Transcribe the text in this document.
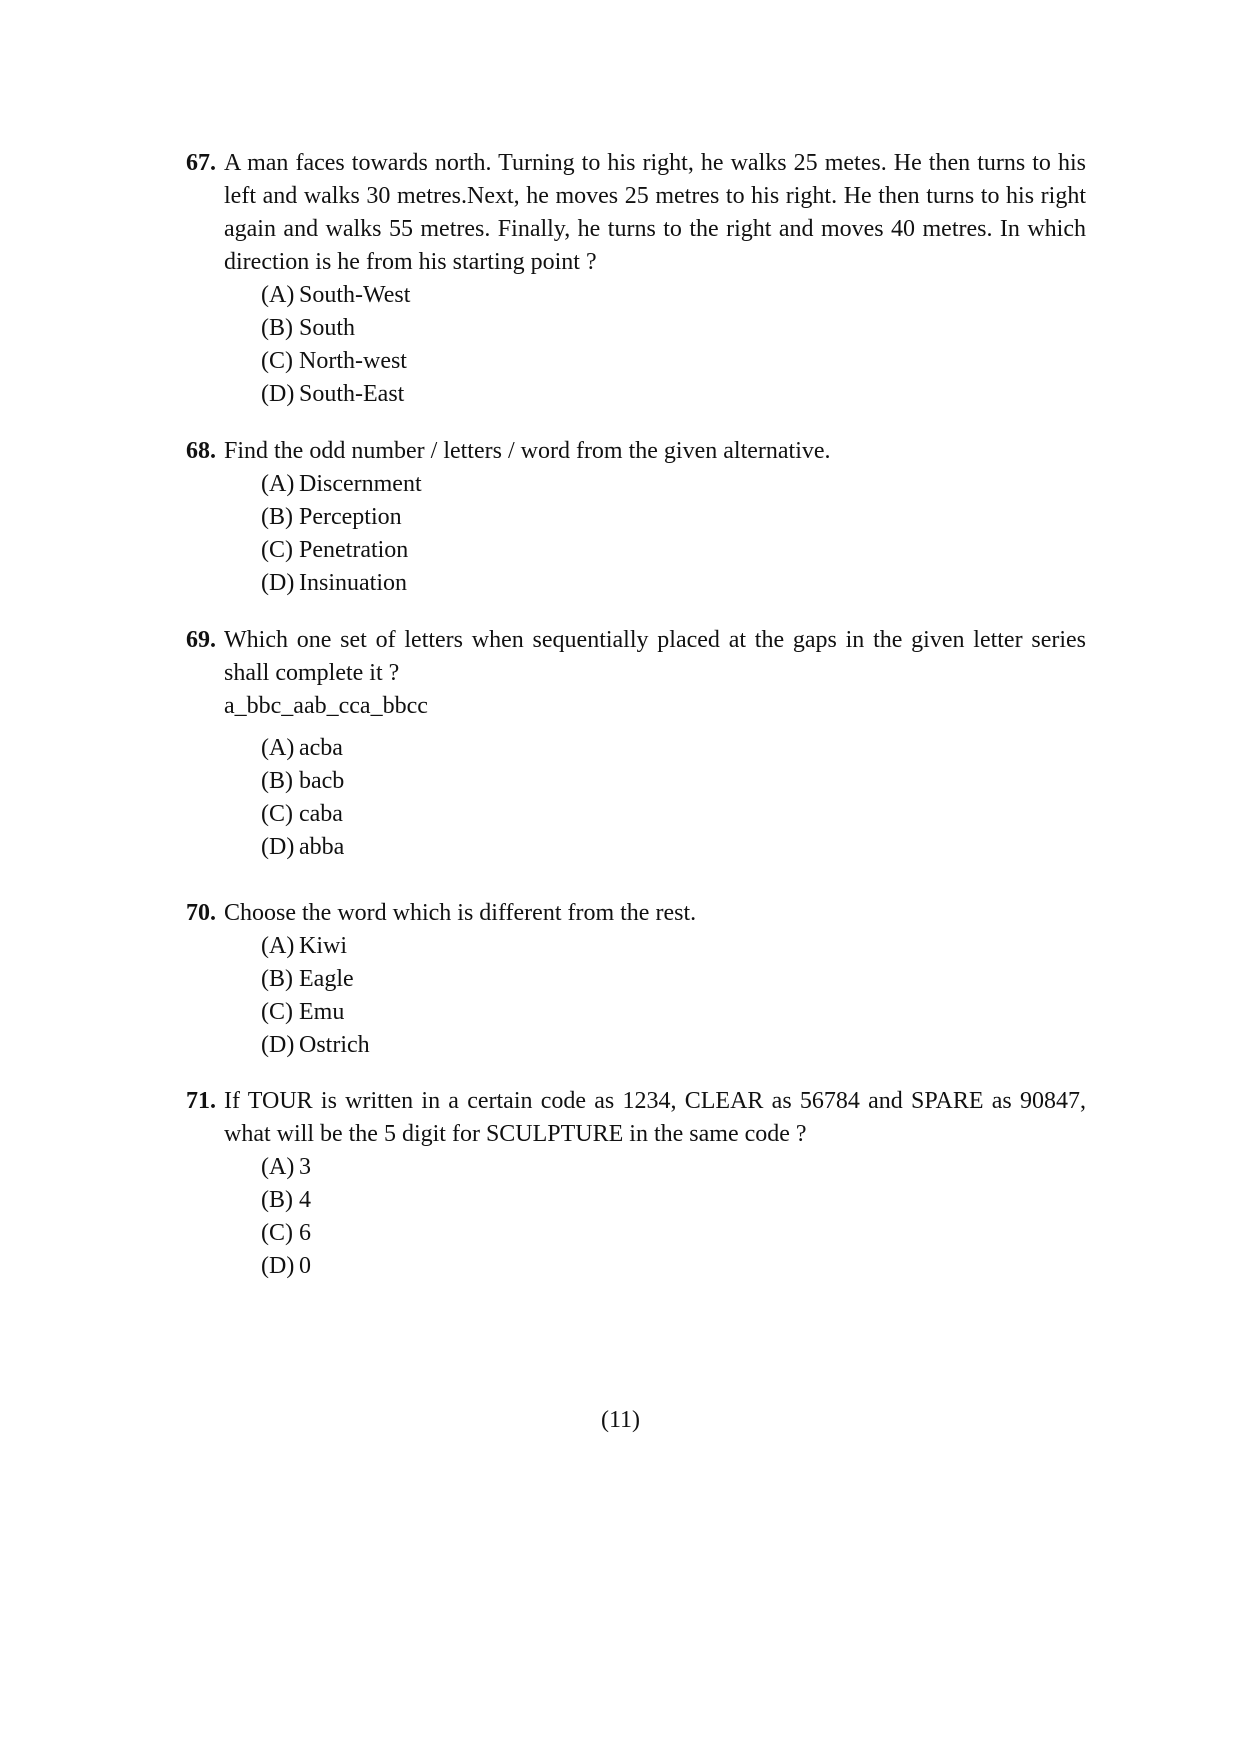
67. A man faces towards north. Turning to his right, he walks 25 metes. He then turns to his left and walks 30 metres.Next, he moves 25 metres to his right. He then turns to his right again and walks 55 metres. Finally, he turns to the right and moves 40 metres. In which direction is he from his starting point ?
(A) South-West
(B) South
(C) North-west
(D) South-East
68. Find the odd number / letters / word from the given alternative.
(A) Discernment
(B) Perception
(C) Penetration
(D) Insinuation
69. Which one set of letters when sequentially placed at the gaps in the given letter series shall complete it ?
a_bbc_aab_cca_bbcc
(A) acba
(B) bacb
(C) caba
(D) abba
70. Choose the word which is different from the rest.
(A) Kiwi
(B) Eagle
(C) Emu
(D) Ostrich
71. If TOUR is written in a certain code as 1234, CLEAR as 56784 and SPARE as 90847, what will be the 5 digit for SCULPTURE in the same code ?
(A) 3
(B) 4
(C) 6
(D) 0
(11)
